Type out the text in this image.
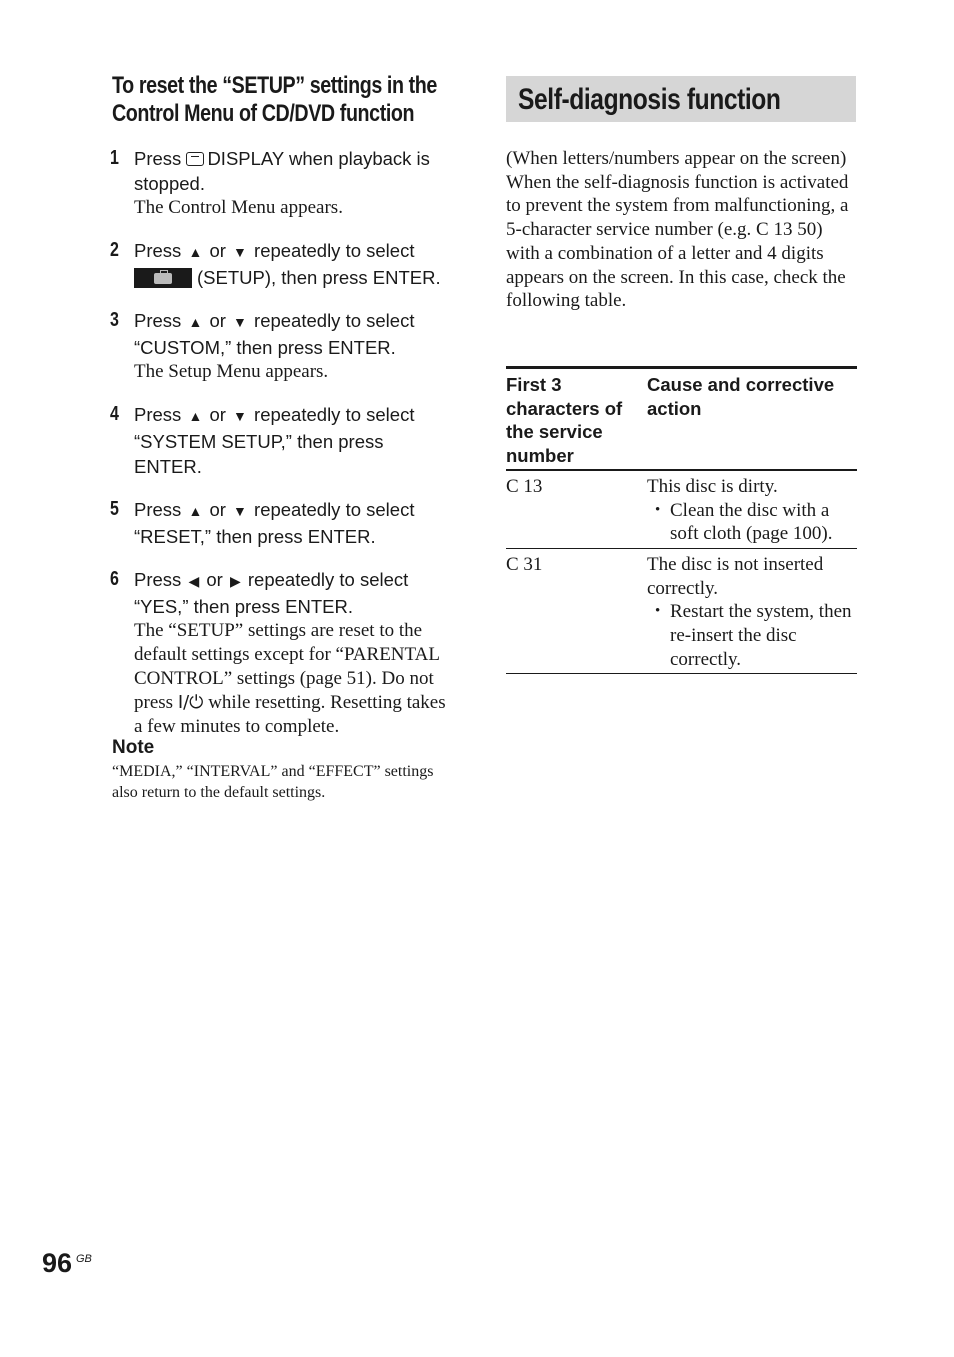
To reset the “SETUP” settings in the
Control Menu of CD/DVD function
1 Press DISPLAY when playback is stopped.
The Control Menu appears.
2 Press ▲ or ▼ repeatedly to select
(SETUP), then press ENTER.
3 Press ▲ or ▼ repeatedly to select “CUSTOM,” then press ENTER.
The Setup Menu appears.
4 Press ▲ or ▼ repeatedly to select “SYSTEM SETUP,” then press ENTER.
5 Press ▲ or ▼ repeatedly to select “RESET,” then press ENTER.
6 Press ◀ or ▶ repeatedly to select “YES,” then press ENTER.
The “SETUP” settings are reset to the default settings except for “PARENTAL CONTROL” settings (page 51). Do not press I/⏻ while resetting. Resetting takes a few minutes to complete.
Note
“MEDIA,” “INTERVAL” and “EFFECT” settings also return to the default settings.
Self-diagnosis function
(When letters/numbers appear on the screen)
When the self-diagnosis function is activated to prevent the system from malfunctioning, a 5-character service number (e.g. C 13 50) with a combination of a letter and 4 digits appears on the screen. In this case, check the following table.
First 3 characters of the service number	Cause and corrective action
C 13	This disc is dirty.
• Clean the disc with a soft cloth (page 100).

C 31	The disc is not inserted correctly.
• Restart the system, then re-insert the disc correctly.
96 GB
